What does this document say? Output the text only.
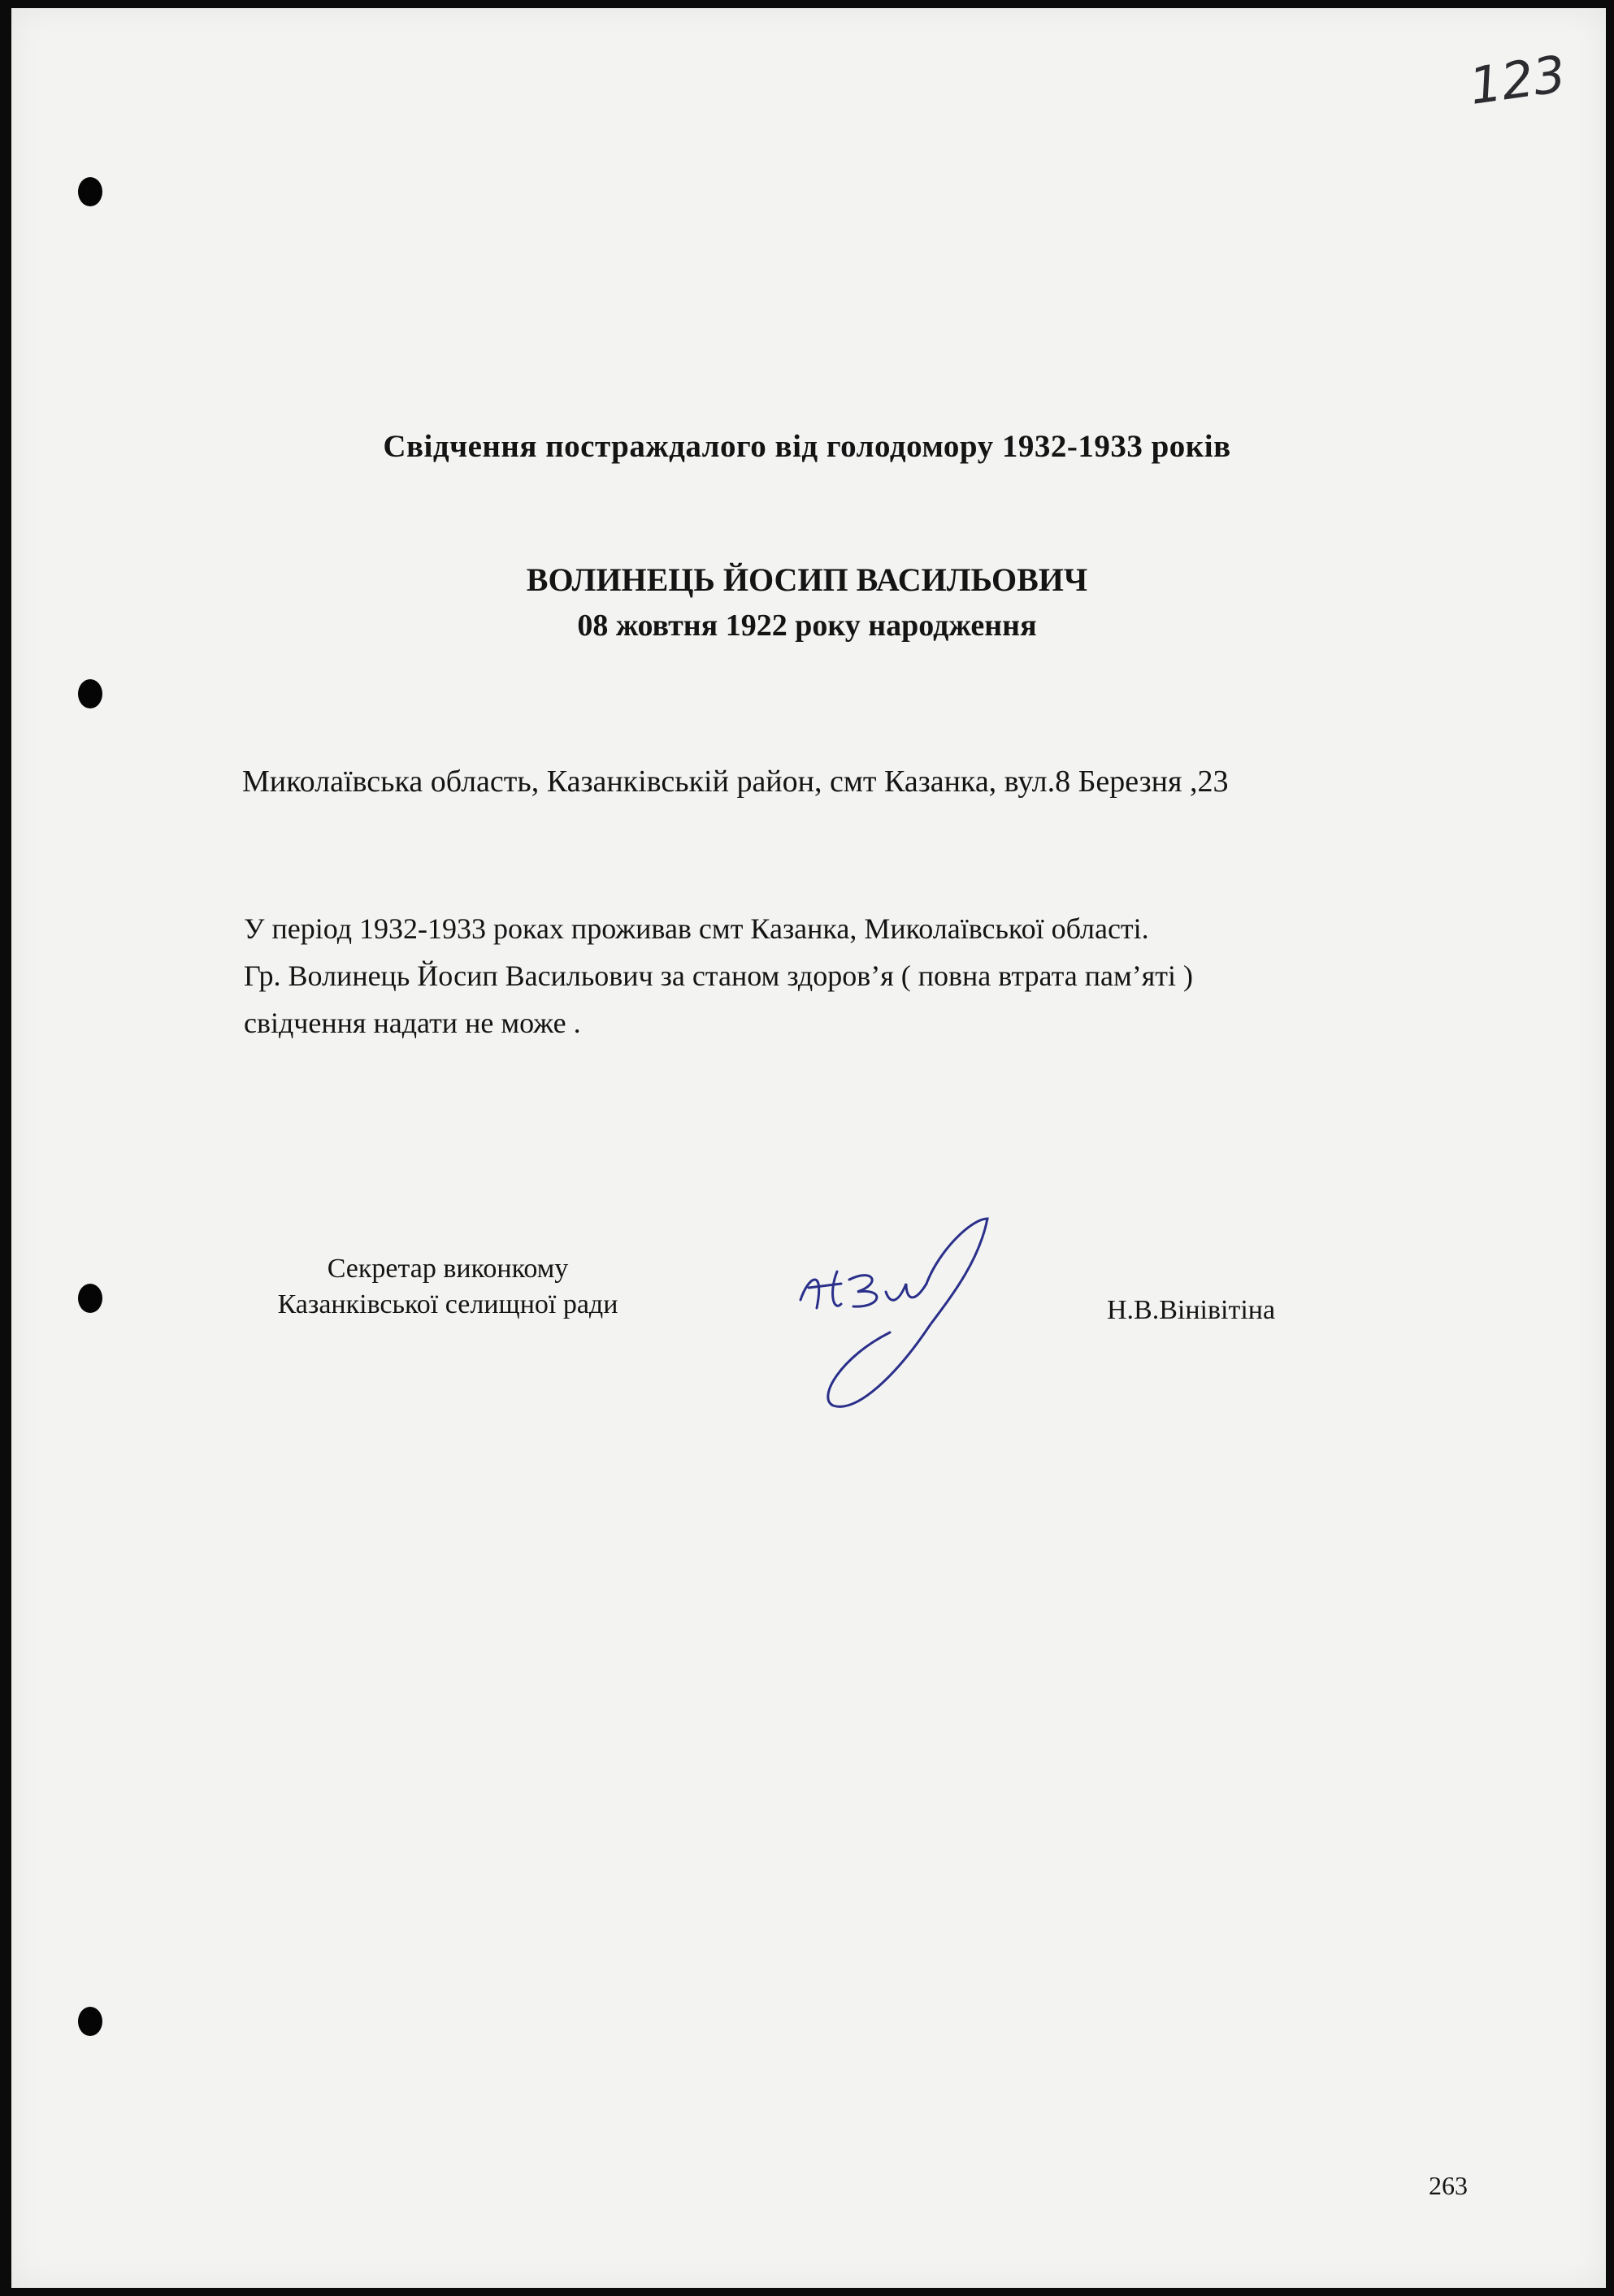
123
Свідчення постраждалого від голодомору 1932-1933 років
ВОЛИНЕЦЬ ЙОСИП ВАСИЛЬОВИЧ
08 жовтня 1922 року народження
Миколаївська область, Казанківськiй район, смт Казанка, вул.8 Березня ,23
У період 1932-1933 роках проживав смт Казанка, Миколаївської області.
Гр. Волинець Йосип Васильович за станом здоров’я ( повна втрата пам’яті )
свідчення надати не може .
Секретар виконкому
Казанківської селищної ради	Н.В.Вінівітіна
263
